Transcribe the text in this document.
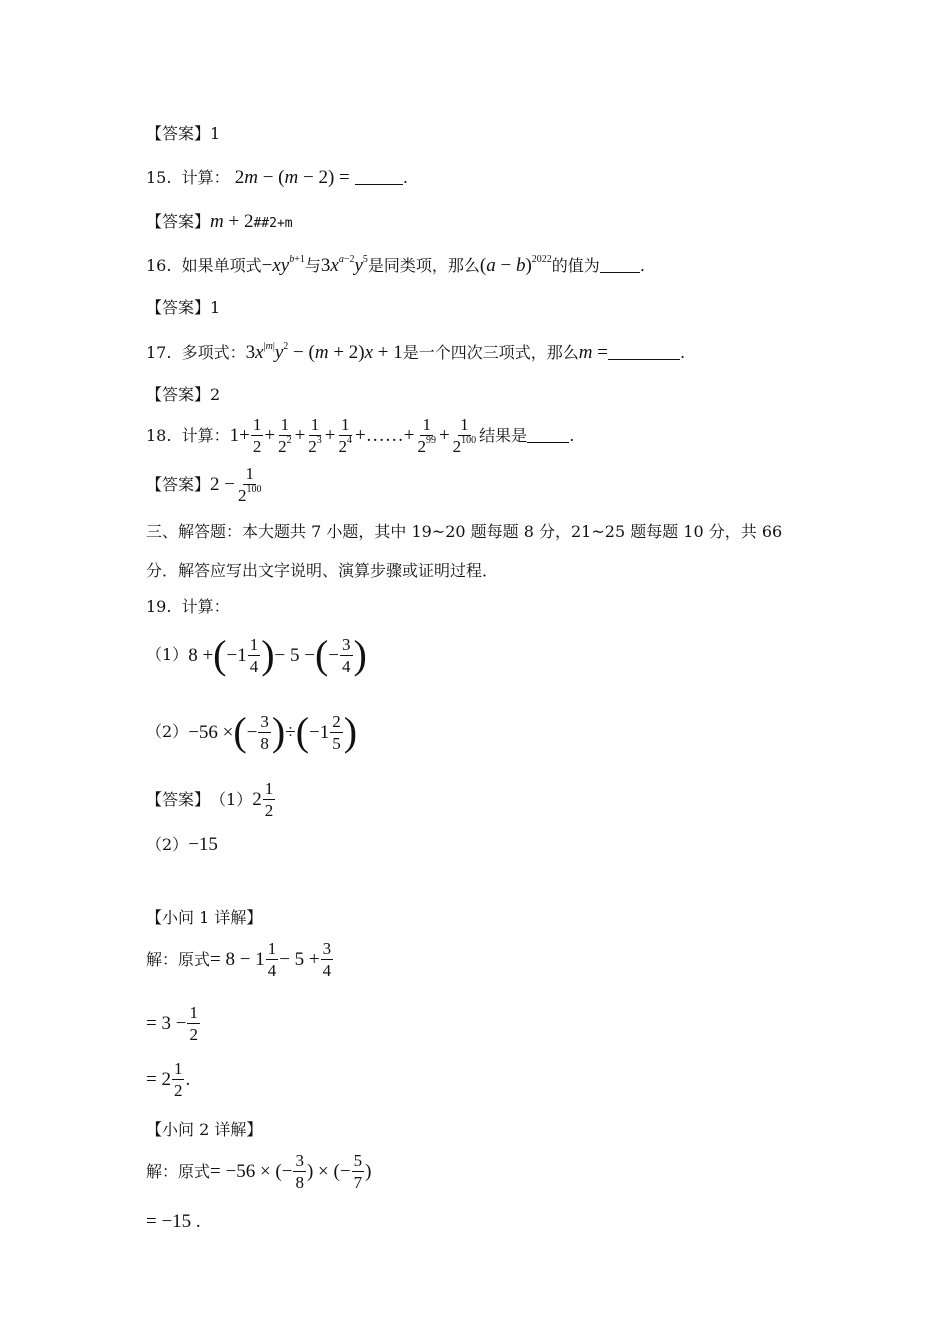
【答案】1
15. 计算： 2m − (m − 2) =	.
【答案】m + 2##2+m
16. 如果单项式$-xy^{b+1}$与$3x^{a-2}y^5$是同类项，那么$(a - b)^{2022}$的值为	.
【答案】1
17. 多项式：$3x^{|m|}y^2 - (m + 2)x + 1$是一个四次三项式，那么m =	.
【答案】2
18. 计算：$1+ \frac{1}{2} + \frac{1}{2^2} + \frac{1}{2^3} + \frac{1}{2^4}$ +……+ $\frac{1}{2^{99}} + \frac{1}{2^{100}}$ 结果是	.
【答案】$2 - \frac{1}{2^{100}}$
三、解答题：本大题共 7 小题，其中 19~20 题每题 8 分，21~25 题每题 10 分，共 66
分．解答应写出文字说明、演算步骤或证明过程．
19. 计算：
$(1)8 +(-1 \frac{1}{4}$ )− 5 −(− $\frac{3}{4}$ )
（2）−56 ×(− $\frac{3}{8} )\div(-1 \frac{2}{5}$ )
【答案】$(1)2 \frac{1}{2}$
（2）−15
【小问 1 详解】
解：原式= $8 - 1 \frac{1}{4} - 5 + \frac{3}{4}$
= $3 - \frac{1}{2}$
= $2 \frac{1}{2}$ .
【小问 2 详解】
解：原式= −56 × (− $\frac{3}{8}$ ) × (− $\frac{5}{7}$ )
= −15 .
